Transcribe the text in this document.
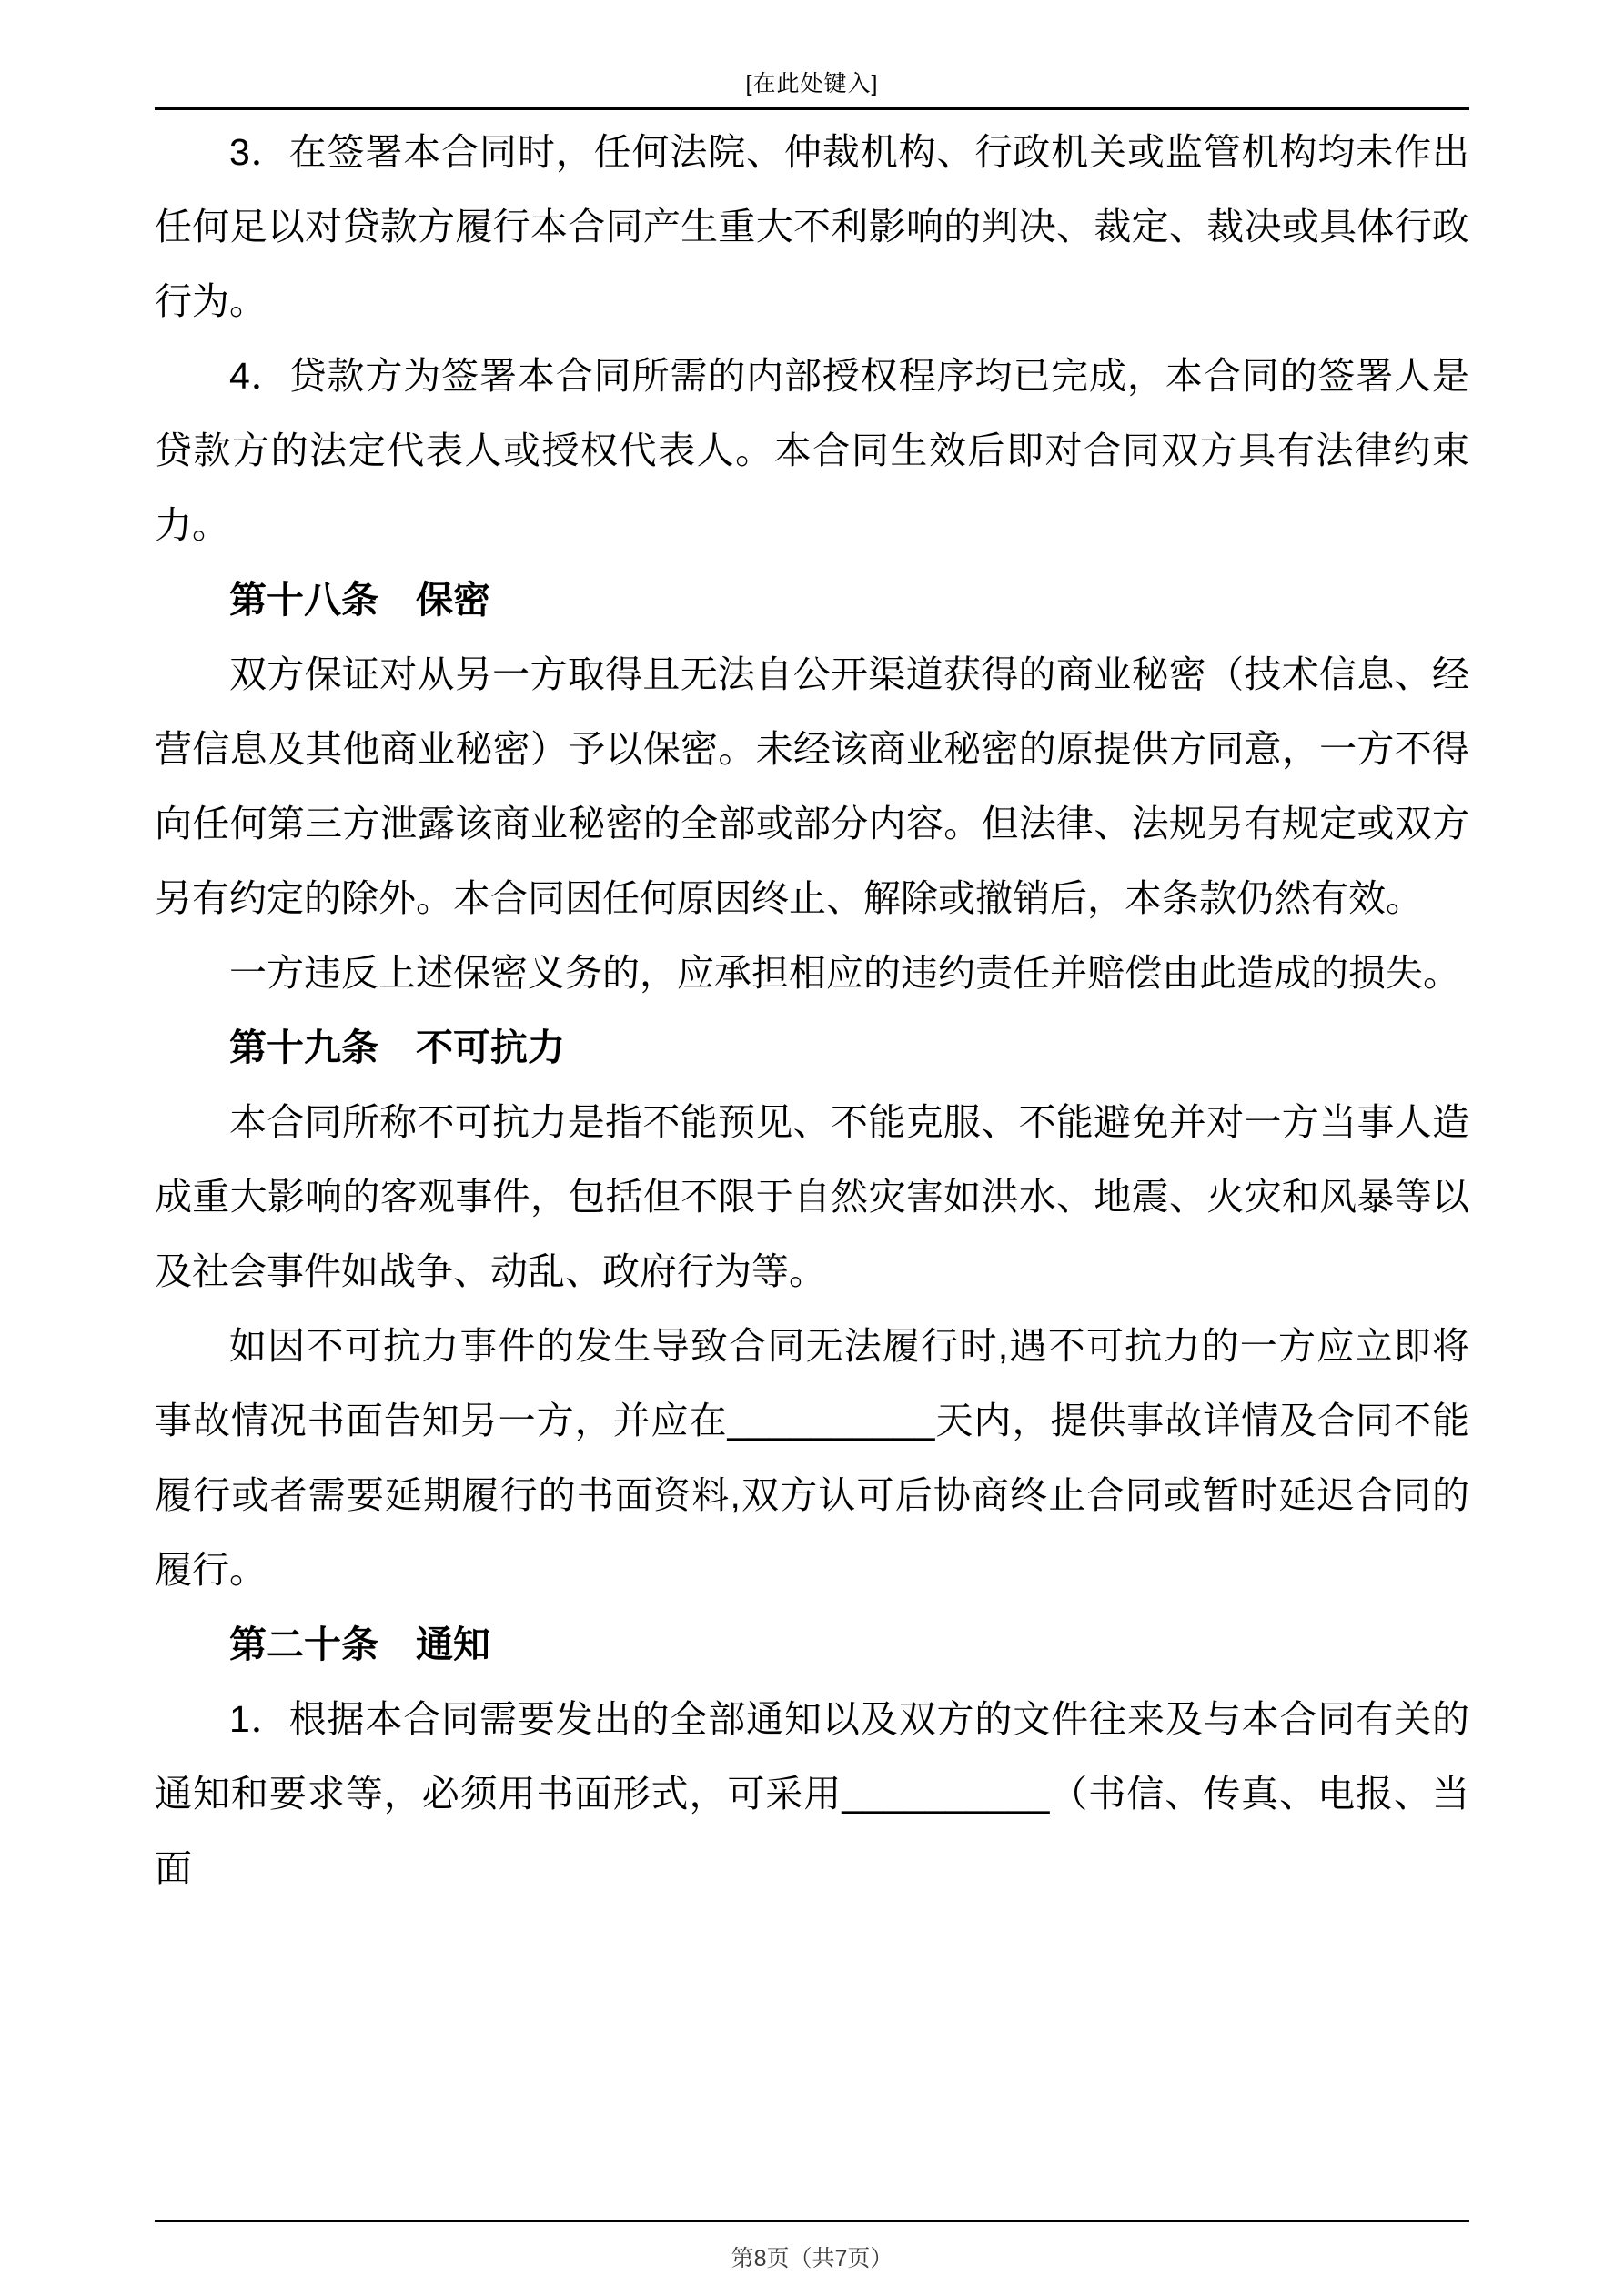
[在此处键入]

3．在签署本合同时，任何法院、仲裁机构、行政机关或监管机构均未作出任何足以对贷款方履行本合同产生重大不利影响的判决、裁定、裁决或具体行政行为。

4．贷款方为签署本合同所需的内部授权程序均已完成，本合同的签署人是贷款方的法定代表人或授权代表人。本合同生效后即对合同双方具有法律约束力。

第十八条　保密

双方保证对从另一方取得且无法自公开渠道获得的商业秘密（技术信息、经营信息及其他商业秘密）予以保密。未经该商业秘密的原提供方同意，一方不得向任何第三方泄露该商业秘密的全部或部分内容。但法律、法规另有规定或双方另有约定的除外。本合同因任何原因终止、解除或撤销后，本条款仍然有效。

一方违反上述保密义务的，应承担相应的违约责任并赔偿由此造成的损失。

第十九条　不可抗力

本合同所称不可抗力是指不能预见、不能克服、不能避免并对一方当事人造成重大影响的客观事件，包括但不限于自然灾害如洪水、地震、火灾和风暴等以及社会事件如战争、动乱、政府行为等。

如因不可抗力事件的发生导致合同无法履行时,遇不可抗力的一方应立即将事故情况书面告知另一方，并应在__________天内，提供事故详情及合同不能履行或者需要延期履行的书面资料,双方认可后协商终止合同或暂时延迟合同的履行。

第二十条　通知

1．根据本合同需要发出的全部通知以及双方的文件往来及与本合同有关的通知和要求等，必须用书面形式，可采用__________（书信、传真、电报、当面

第8页（共7页）
